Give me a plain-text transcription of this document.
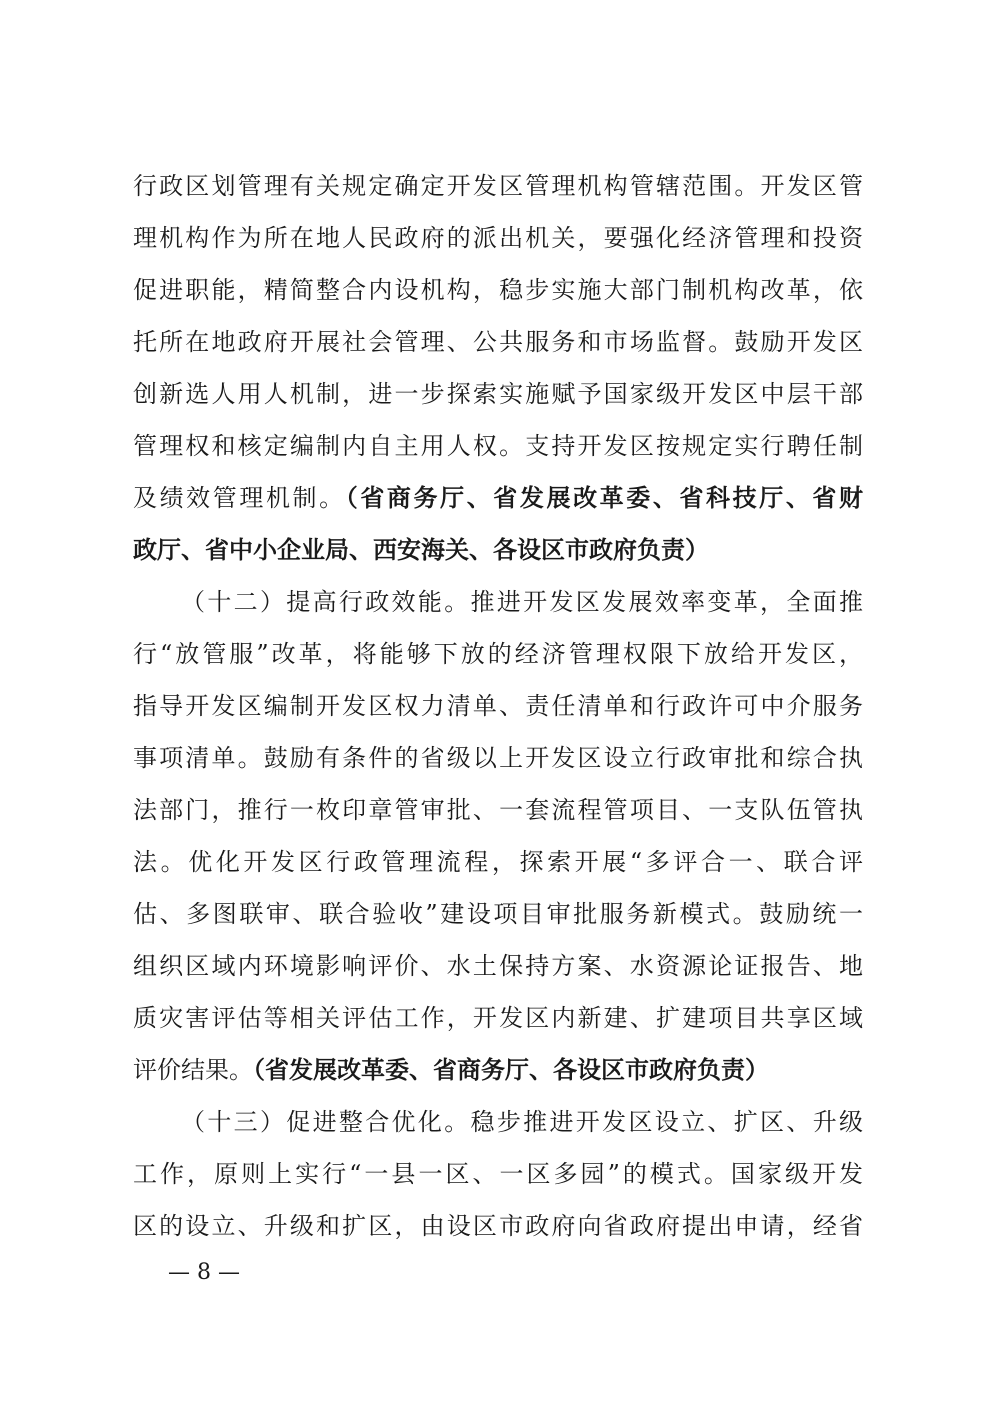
行政区划管理有关规定确定开发区管理机构管辖范围。开发区管
理机构作为所在地人民政府的派出机关，要强化经济管理和投资
促进职能，精简整合内设机构，稳步实施大部门制机构改革，依
托所在地政府开展社会管理、公共服务和市场监督。鼓励开发区
创新选人用人机制，进一步探索实施赋予国家级开发区中层干部
管理权和核定编制内自主用人权。支持开发区按规定实行聘任制
及绩效管理机制。（省商务厅、省发展改革委、省科技厅、省财
政厅、省中小企业局、西安海关、各设区市政府负责）
（十二）提高行政效能。推进开发区发展效率变革，全面推
行“放管服”改革，将能够下放的经济管理权限下放给开发区，
指导开发区编制开发区权力清单、责任清单和行政许可中介服务
事项清单。鼓励有条件的省级以上开发区设立行政审批和综合执
法部门，推行一枚印章管审批、一套流程管项目、一支队伍管执
法。优化开发区行政管理流程，探索开展“多评合一、联合评
估、多图联审、联合验收”建设项目审批服务新模式。鼓励统一
组织区域内环境影响评价、水土保持方案、水资源论证报告、地
质灾害评估等相关评估工作，开发区内新建、扩建项目共享区域
评价结果。（省发展改革委、省商务厅、各设区市政府负责）
（十三）促进整合优化。稳步推进开发区设立、扩区、升级
工作，原则上实行“一县一区、一区多园”的模式。国家级开发
区的设立、升级和扩区，由设区市政府向省政府提出申请，经省
— 8 —
